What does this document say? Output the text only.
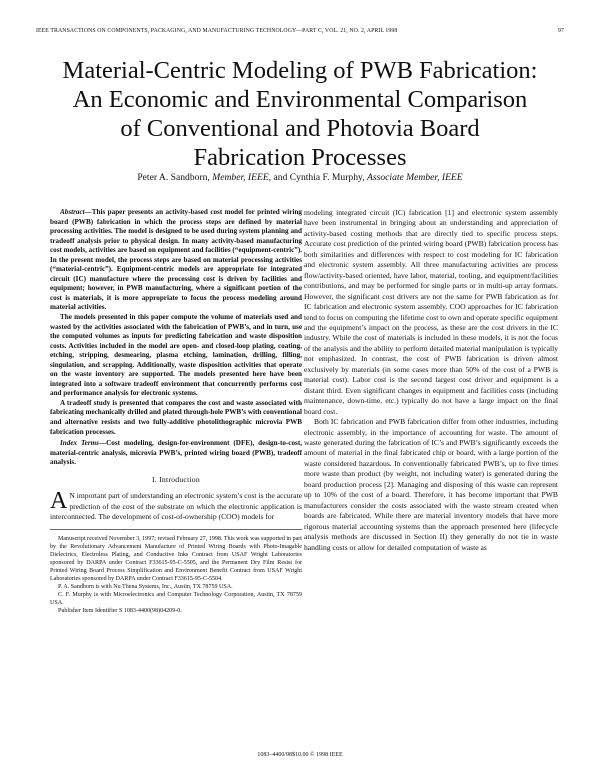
IEEE TRANSACTIONS ON COMPONENTS, PACKAGING, AND MANUFACTURING TECHNOLOGY—PART C, VOL. 21, NO. 2, APRIL 1998	97
Material-Centric Modeling of PWB Fabrication:
An Economic and Environmental Comparison
of Conventional and Photovia Board
Fabrication Processes
Peter A. Sandborn, Member, IEEE, and Cynthia F. Murphy, Associate Member, IEEE

Abstract—This paper presents an activity-based cost model for printed wiring board (PWB) fabrication in which the process steps are defined by material processing activities. The model is designed to be used during system planning and tradeoff analysis prior to physical design. In many activity-based manufacturing cost models, activities are based on equipment and facilities (“equipment-centric”). In the present model, the process steps are based on material processing activities (“material-centric”). Equipment-centric models are appropriate for integrated circuit (IC) manufacture where the processing cost is driven by facilities and equipment; however, in PWB manufacturing, where a significant portion of the cost is materials, it is more appropriate to focus the process modeling around material activities.

The models presented in this paper compute the volume of materials used and wasted by the activities associated with the fabrication of PWB’s, and in turn, use the computed volumes as inputs for predicting fabrication and waste disposition costs. Activities included in the model are open- and closed-loop plating, coating, etching, stripping, desmearing, plasma etching, lamination, drilling, filling, singulation, and scrapping. Additionally, waste disposition activities that operate on the waste inventory are supported. The models presented here have been integrated into a software tradeoff environment that concurrently performs cost and performance analysis for electronic systems.

A tradeoff study is presented that compares the cost and waste associated with fabricating mechanically drilled and plated through-hole PWB’s with conventional and alternative resists and two fully-additive photolithographic microvia PWB fabrication processes.

Index Terms—Cost modeling, design-for-environment (DFE), design-to-cost, material-centric analysis, microvia PWB’s, printed wiring board (PWB), tradeoff analysis.

I. Introduction

A N important part of understanding an electronic system’s cost is the accurate prediction of the cost of the substrate on which the electronic application is interconnected. The development of cost-of-ownership (COO) models for

Manuscript received November 3, 1997; revised February 27, 1998. This work was supported in part by the Revolutionary Advancement Manufacture of Printed Wiring Boards with Photo-Imagable Dielectrics, Electroless Plating, and Conductive Inks Contract from USAF Wright Laboratories sponsored by DARPA under Contract F33615-95-C-5505, and the Permanent Dry Film Resist for Printed Wiring Board Process Simplification and Environment Benefit Contract from USAF Wright Laboratories sponsored by DARPA under Contract F33615-95-C-5504.

P. A. Sandborn is with Nu Thena Systems, Inc., Austin, TX 78759 USA.

C. F. Murphy is with Microelectronics and Computer Technology Corporation, Austin, TX 78759 USA.

Publisher Item Identifier S 1083-4400(98)04209-0.

modeling integrated circuit (IC) fabrication [1] and electronic system assembly have been instrumental in bringing about an understanding and appreciation of activity-based costing methods that are directly tied to specific process steps. Accurate cost prediction of the printed wiring board (PWB) fabrication process has both similarities and differences with respect to cost modeling for IC fabrication and electronic system assembly. All three manufacturing activities are process flow/activity-based oriented, have labor, material, tooling, and equipment/facilities contributions, and may be performed for single parts or in multi-up array formats. However, the significant cost drivers are not the same for PWB fabrication as for IC fabrication and electronic system assembly. COO approaches for IC fabrication tend to focus on computing the lifetime cost to own and operate specific equipment and the equipment’s impact on the process, as these are the cost drivers in the IC industry. While the cost of materials is included in these models, it is not the focus of the analysis and the ability to perform detailed material manipulation is typically not emphasized. In contrast, the cost of PWB fabrication is driven almost exclusively by materials (in some cases more than 50% of the cost of a PWB is material cost). Labor cost is the second largest cost driver and equipment is a distant third. Even significant changes in equipment and facilities costs (including maintenance, down-time, etc.) typically do not have a large impact on the final board cost.

Both IC fabrication and PWB fabrication differ from other industries, including electronic assembly, in the importance of accounting for waste. The amount of waste generated during the fabrication of IC’s and PWB’s significantly exceeds the amount of material in the final fabricated chip or board, with a large portion of the waste considered hazardous. In conventionally fabricated PWB’s, up to five times more waste than product (by weight, not including water) is generated during the board production process [2]. Managing and disposing of this waste can represent up to 10% of the cost of a board. Therefore, it has become important that PWB manufacturers consider the costs associated with the waste stream created when boards are fabricated. While there are material inventory models that have more rigorous material accounting systems than the approach presented here (lifecycle analysis methods are discussed in Section II) they generally do not tie in waste handling costs or allow for detailed computation of waste as

1083–4400/98$10.00 © 1998 IEEE
